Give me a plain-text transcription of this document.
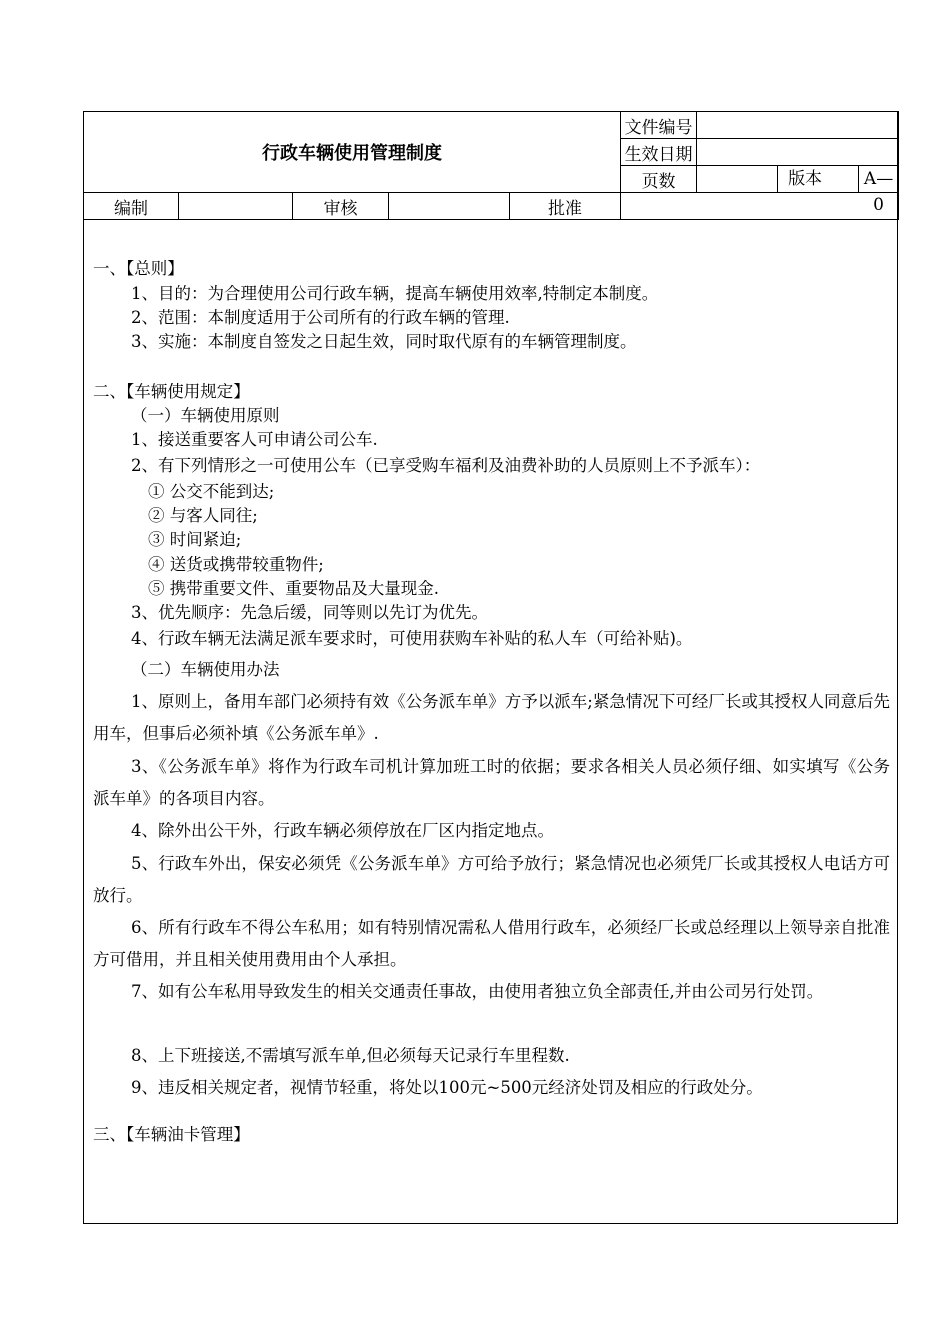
行政车辆使用管理制度					文件编号		
					生效日期		
					页数		版本 A—0

编制		审核		批准			
一、【总则】
1、目的：为合理使用公司行政车辆，提高车辆使用效率,特制定本制度。
2、范围：本制度适用于公司所有的行政车辆的管理.
3、实施：本制度自签发之日起生效，同时取代原有的车辆管理制度。
二、【车辆使用规定】
（一）车辆使用原则
1、接送重要客人可申请公司公车.
2、有下列情形之一可使用公车（已享受购车福利及油费补助的人员原则上不予派车）：
① 公交不能到达;
② 与客人同往;
③ 时间紧迫;
④ 送货或携带较重物件;
⑤ 携带重要文件、重要物品及大量现金.
3、优先顺序：先急后缓，同等则以先订为优先。
4、行政车辆无法满足派车要求时，可使用获购车补贴的私人车（可给补贴)。
（二）车辆使用办法
1、原则上，备用车部门必须持有效《公务派车单》方予以派车;紧急情况下可经厂长或其授权人同意后先用车，但事后必须补填《公务派车单》.
3、《公务派车单》将作为行政车司机计算加班工时的依据；要求各相关人员必须仔细、如实填写《公务派车单》的各项目内容。
4、除外出公干外，行政车辆必须停放在厂区内指定地点。
5、行政车外出，保安必须凭《公务派车单》方可给予放行；紧急情况也必须凭厂长或其授权人电话方可放行。
6、所有行政车不得公车私用；如有特别情况需私人借用行政车，必须经厂长或总经理以上领导亲自批准方可借用，并且相关使用费用由个人承担。
7、如有公车私用导致发生的相关交通责任事故，由使用者独立负全部责任,并由公司另行处罚。
8、上下班接送,不需填写派车单,但必须每天记录行车里程数.
9、违反相关规定者，视情节轻重，将处以100元~500元经济处罚及相应的行政处分。
三、【车辆油卡管理】
